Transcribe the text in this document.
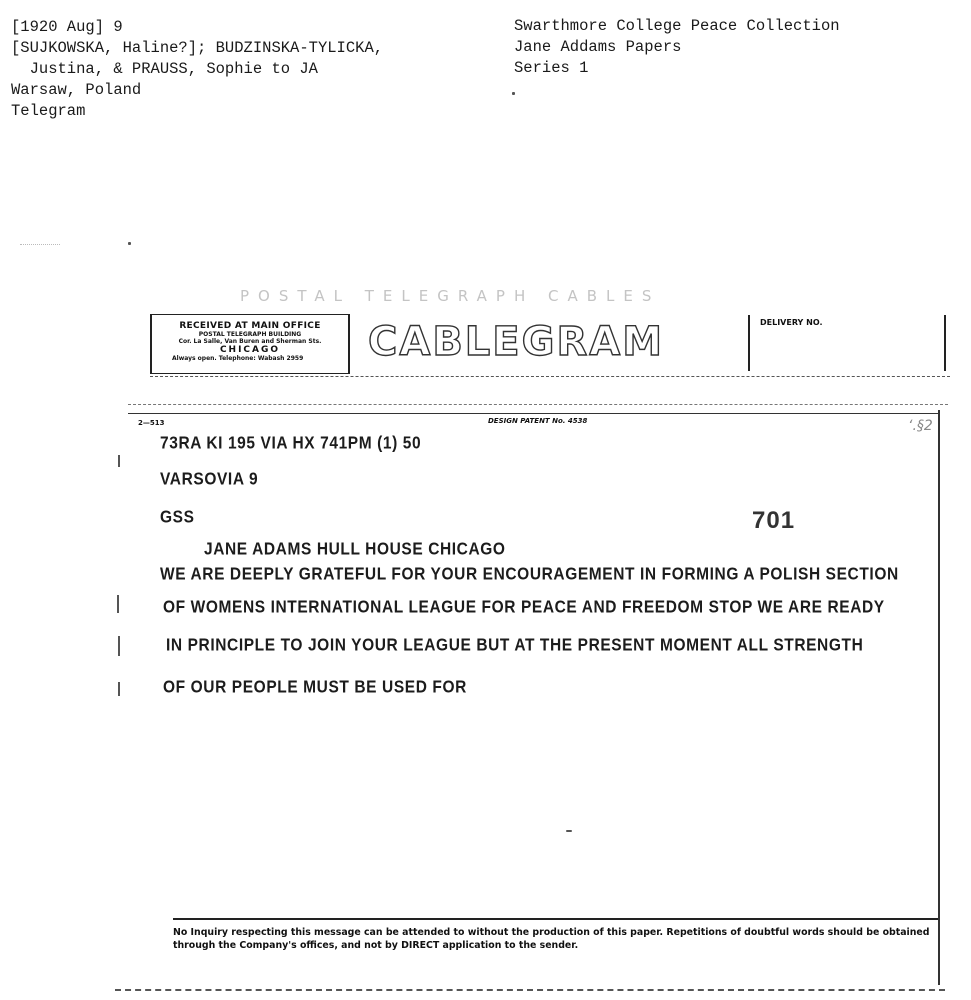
[1920 Aug] 9
[SUJKOWSKA, Haline?]; BUDZINSKA-TYLICKA,
Justina, & PRAUSS, Sophie to JA
Warsaw, Poland
Telegram
Swarthmore College Peace Collection
Jane Addams Papers
Series 1
POSTAL TELEGRAPH CABLES
RECEIVED AT MAIN OFFICE
POSTAL TELEGRAPH BUILDING
Cor. La Salle, Van Buren and Sherman Sts.
CHICAGO
Always open. Telephone: Wabash 2959	CABLEGRAM	DELIVERY NO.
2—513	DESIGN PATENT No. 4538	‘.§2
73RA KI 195 VIA HX 741PM (1) 50
VARSOVIA 9
GSS	701
JANE ADAMS HULL HOUSE CHICAGO
WE ARE DEEPLY GRATEFUL FOR YOUR ENCOURAGEMENT IN FORMING A POLISH SECTION
OF WOMENS INTERNATIONAL LEAGUE FOR PEACE AND FREEDOM STOP WE ARE READY
IN PRINCIPLE TO JOIN YOUR LEAGUE BUT AT THE PRESENT MOMENT ALL STRENGTH
OF OUR PEOPLE MUST BE USED FOR
No Inquiry respecting this message can be attended to without the production of this paper. Repetitions of doubtful words should be obtained
through the Company's offices, and not by DIRECT application to the sender.
